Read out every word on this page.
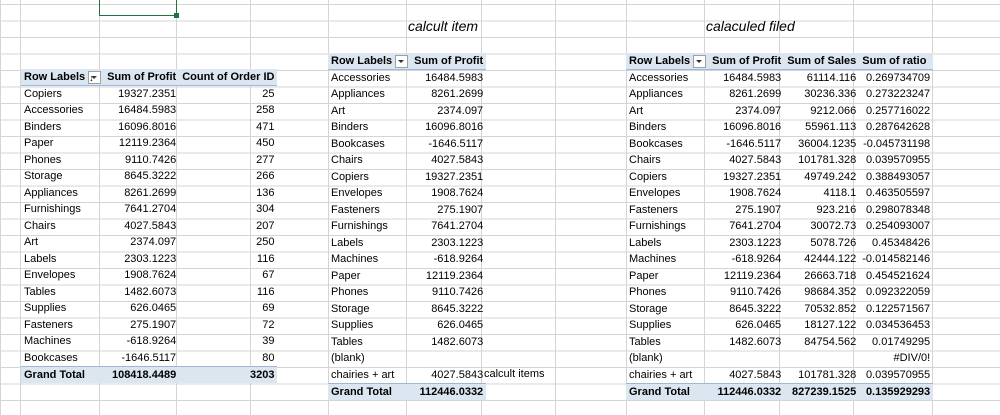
calcult item	calaculed filed
Row Labels↓	Sum of Profit	Count of Order ID
Copiers	19327.2351	25
Accessories	16484.5983	258
Binders	16096.8016	471
Paper	12119.2364	450
Phones	9110.7426	277
Storage	8645.3222	266
Appliances	8261.2699	136
Furnishings	7641.2704	304
Chairs	4027.5843	207
Art	2374.097	250
Labels	2303.1223	116
Envelopes	1908.7624	67
Tables	1482.6073	116
Supplies	626.0465	69
Fasteners	275.1907	72
Machines	-618.9264	39
Bookcases	-1646.5117	80
Grand Total	108418.4489	3203
Row Labels	Sum of Profit
Accessories	16484.5983
Appliances	8261.2699
Art	2374.097
Binders	16096.8016
Bookcases	-1646.5117
Chairs	4027.5843
Copiers	19327.2351
Envelopes	1908.7624
Fasteners	275.1907
Furnishings	7641.2704
Labels	2303.1223
Machines	-618.9264
Paper	12119.2364
Phones	9110.7426
Storage	8645.3222
Supplies	626.0465
Tables	1482.6073
(blank)	
chairies + art	4027.5843
Grand Total	112446.0332
calcult items
Row Labels	Sum of Profit	Sum of Sales	Sum of ratio
Accessories	16484.5983	61114.116	0.269734709
Appliances	8261.2699	30236.336	0.273223247
Art	2374.097	9212.066	0.257716022
Binders	16096.8016	55961.113	0.287642628
Bookcases	-1646.5117	36004.1235	-0.045731198
Chairs	4027.5843	101781.328	0.039570955
Copiers	19327.2351	49749.242	0.388493057
Envelopes	1908.7624	4118.1	0.463505597
Fasteners	275.1907	923.216	0.298078348
Furnishings	7641.2704	30072.73	0.254093007
Labels	2303.1223	5078.726	0.45348426
Machines	-618.9264	42444.122	-0.014582146
Paper	12119.2364	26663.718	0.454521624
Phones	9110.7426	98684.352	0.092322059
Storage	8645.3222	70532.852	0.122571567
Supplies	626.0465	18127.122	0.034536453
Tables	1482.6073	84754.562	0.01749295
(blank)			#DIV/0!
chairies + art	4027.5843	101781.328	0.039570955
Grand Total	112446.0332	827239.1525	0.135929293
